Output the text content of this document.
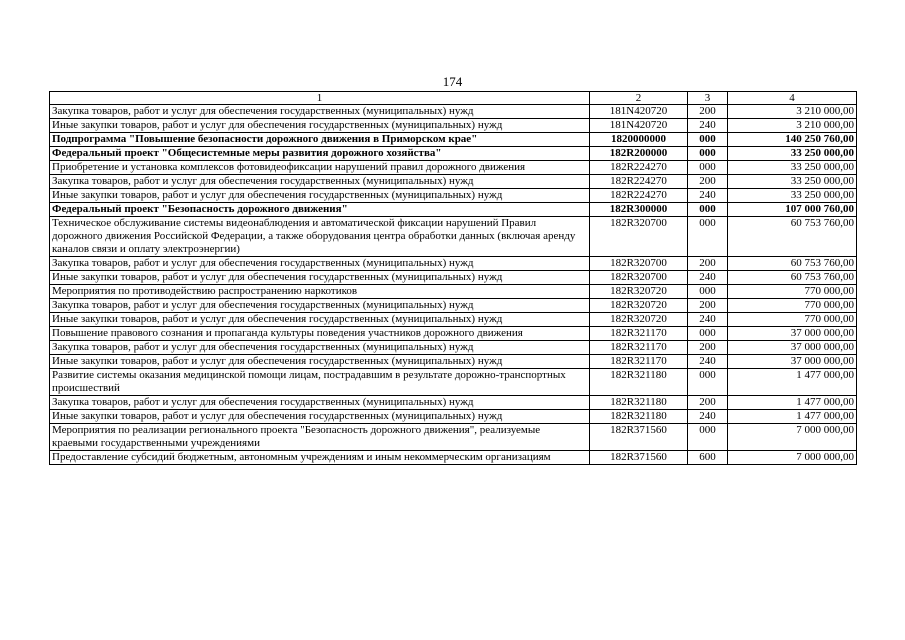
174
1	2	3	4
Закупка товаров, работ и услуг для обеспечения государственных (муниципальных) нужд	181N420720	200	3 210 000,00
Иные закупки товаров, работ и услуг для обеспечения государственных (муниципальных) нужд	181N420720	240	3 210 000,00
Подпрограмма "Повышение безопасности дорожного движения в Приморском крае"	1820000000	000	140 250 760,00
Федеральный проект "Общесистемные меры развития дорожного хозяйства"	182R200000	000	33 250 000,00
Приобретение и установка комплексов фотовидеофиксации нарушений правил дорожного движения	182R224270	000	33 250 000,00
Закупка товаров, работ и услуг для обеспечения государственных (муниципальных) нужд	182R224270	200	33 250 000,00
Иные закупки товаров, работ и услуг для обеспечения государственных (муниципальных) нужд	182R224270	240	33 250 000,00
Федеральный проект "Безопасность дорожного движения"	182R300000	000	107 000 760,00
Техническое обслуживание системы видеонаблюдения и автоматической фиксации нарушений Правил дорожного движения Российской Федерации, а также оборудования центра обработки данных (включая аренду каналов связи и оплату электроэнергии)	182R320700	000	60 753 760,00
Закупка товаров, работ и услуг для обеспечения государственных (муниципальных) нужд	182R320700	200	60 753 760,00
Иные закупки товаров, работ и услуг для обеспечения государственных (муниципальных) нужд	182R320700	240	60 753 760,00
Мероприятия по противодействию распространению наркотиков	182R320720	000	770 000,00
Закупка товаров, работ и услуг для обеспечения государственных (муниципальных) нужд	182R320720	200	770 000,00
Иные закупки товаров, работ и услуг для обеспечения государственных (муниципальных) нужд	182R320720	240	770 000,00
Повышение правового сознания и пропаганда культуры поведения участников дорожного движения	182R321170	000	37 000 000,00
Закупка товаров, работ и услуг для обеспечения государственных (муниципальных) нужд	182R321170	200	37 000 000,00
Иные закупки товаров, работ и услуг для обеспечения государственных (муниципальных) нужд	182R321170	240	37 000 000,00
Развитие системы оказания медицинской помощи лицам, пострадавшим в результате дорожно-транспортных происшествий	182R321180	000	1 477 000,00
Закупка товаров, работ и услуг для обеспечения государственных (муниципальных) нужд	182R321180	200	1 477 000,00
Иные закупки товаров, работ и услуг для обеспечения государственных (муниципальных) нужд	182R321180	240	1 477 000,00
Мероприятия по реализации регионального проекта "Безопасность дорожного движения", реализуемые краевыми государственными учреждениями	182R371560	000	7 000 000,00
Предоставление субсидий бюджетным, автономным учреждениям и иным некоммерческим организациям	182R371560	600	7 000 000,00
